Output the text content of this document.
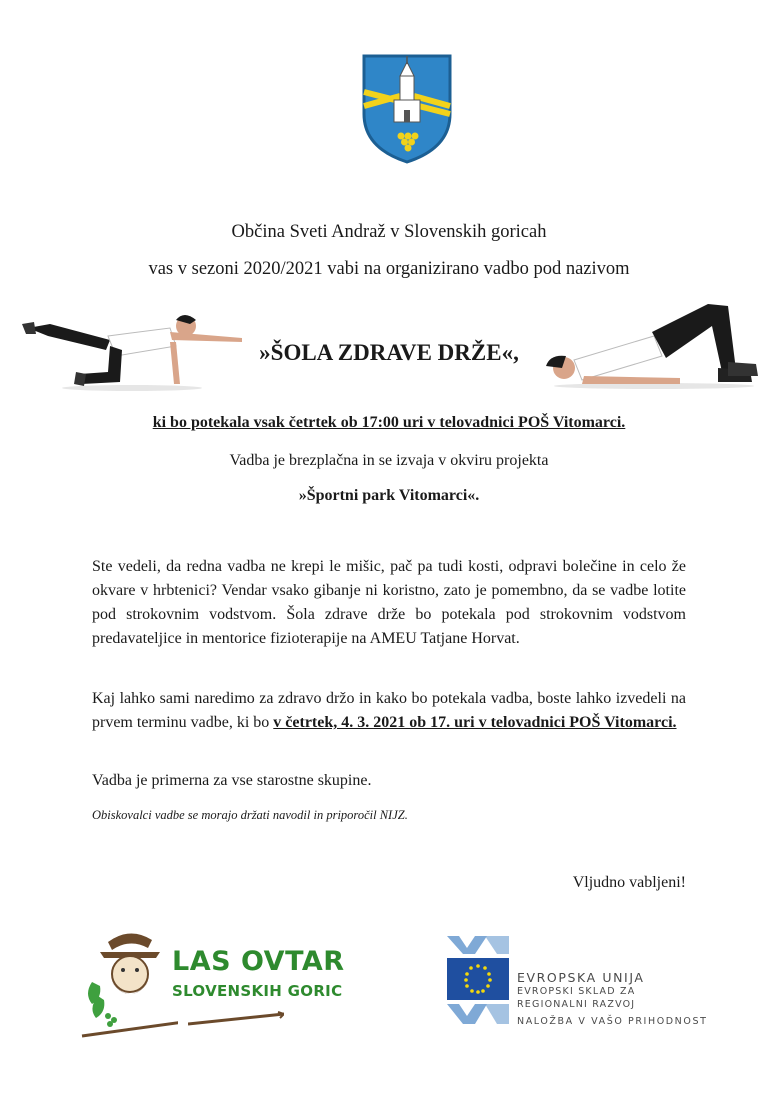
Občina Sveti Andraž v Slovenskih goricah
vas v sezoni 2020/2021 vabi na organizirano vadbo pod nazivom
»ŠOLA ZDRAVE DRŽE«,
ki bo potekala vsak četrtek ob 17:00 uri v telovadnici POŠ Vitomarci.
Vadba je brezplačna in se izvaja v okviru projekta
»Športni park Vitomarci«.

Ste vedeli, da redna vadba ne krepi le mišic, pač pa tudi kosti, odpravi bolečine in celo že okvare v hrbtenici? Vendar vsako gibanje ni koristno, zato je pomembno, da se vadbe lotite pod strokovnim vodstvom. Šola zdrave drže bo potekala pod strokovnim vodstvom predavateljice in mentorice fizioterapije na AMEU Tatjane Horvat.

Kaj lahko sami naredimo za zdravo držo in kako bo potekala vadba, boste lahko izvedeli na prvem terminu vadbe, ki bo v četrtek, 4. 3. 2021 ob 17. uri v telovadnici POŠ Vitomarci.

Vadba je primerna za vse starostne skupine.

Obiskovalci vadbe se morajo držati navodil in priporočil NIJZ.
Vljudno vabljeni!
LAS OVTAR
SLOVENSKIH GORIC
EVROPSKA UNIJA
EVROPSKI SKLAD ZA
REGIONALNI RAZVOJ
NALOŽBA V VAŠO PRIHODNOST
